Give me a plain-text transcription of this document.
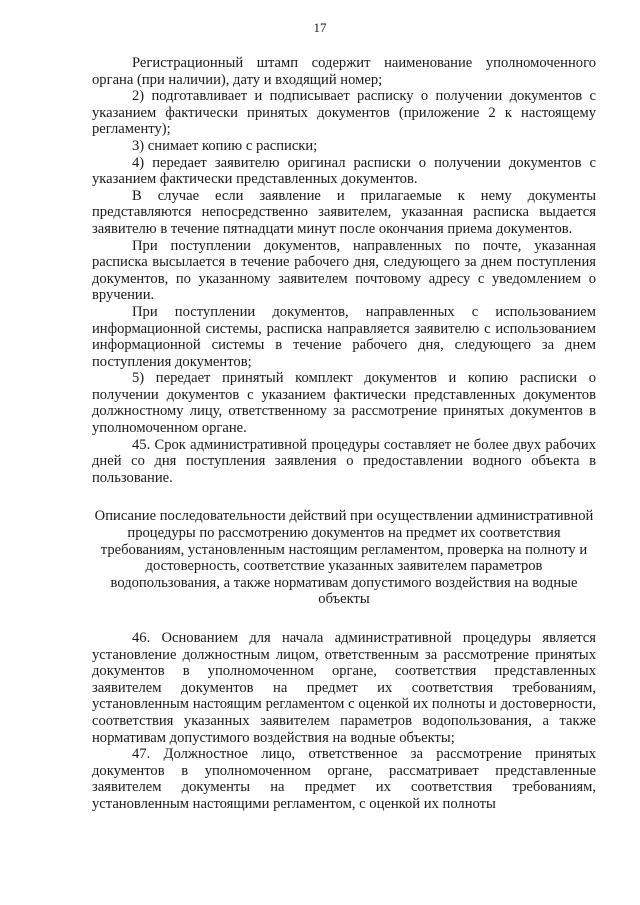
17

Регистрационный штамп содержит наименование уполномоченного органа (при наличии), дату и входящий номер;

2) подготавливает и подписывает расписку о получении документов с указанием фактически принятых документов (приложение 2 к настоящему регламенту);

3) снимает копию с расписки;

4) передает заявителю оригинал расписки о получении документов с указанием фактически представленных документов.

В случае если заявление и прилагаемые к нему документы представляются непосредственно заявителем, указанная расписка выдается заявителю в течение пятнадцати минут после окончания приема документов.

При поступлении документов, направленных по почте, указанная расписка высылается в течение рабочего дня, следующего за днем поступления документов, по указанному заявителем почтовому адресу с уведомлением о вручении.

При поступлении документов, направленных с использованием информационной системы, расписка направляется заявителю с использованием информационной системы в течение рабочего дня, следующего за днем поступления документов;

5) передает принятый комплект документов и копию расписки о получении документов с указанием фактически представленных документов должностному лицу, ответственному за рассмотрение принятых документов в уполномоченном органе.

45. Срок административной процедуры составляет не более двух рабочих дней со дня поступления заявления о предоставлении водного объекта в пользование.

Описание последовательности действий при осуществлении административной процедуры по рассмотрению документов на предмет их соответствия требованиям, установленным настоящим регламентом, проверка на полноту и достоверность, соответствие указанных заявителем параметров водопользования, а также нормативам допустимого воздействия на водные объекты

46. Основанием для начала административной процедуры является установление должностным лицом, ответственным за рассмотрение принятых документов в уполномоченном органе, соответствия представленных заявителем документов на предмет их соответствия требованиям, установленным настоящим регламентом с оценкой их полноты и достоверности, соответствия указанных заявителем параметров водопользования, а также нормативам допустимого воздействия на водные объекты;

47. Должностное лицо, ответственное за рассмотрение принятых документов в уполномоченном органе, рассматривает представленные заявителем документы на предмет их соответствия требованиям, установленным настоящими регламентом, с оценкой их полноты
